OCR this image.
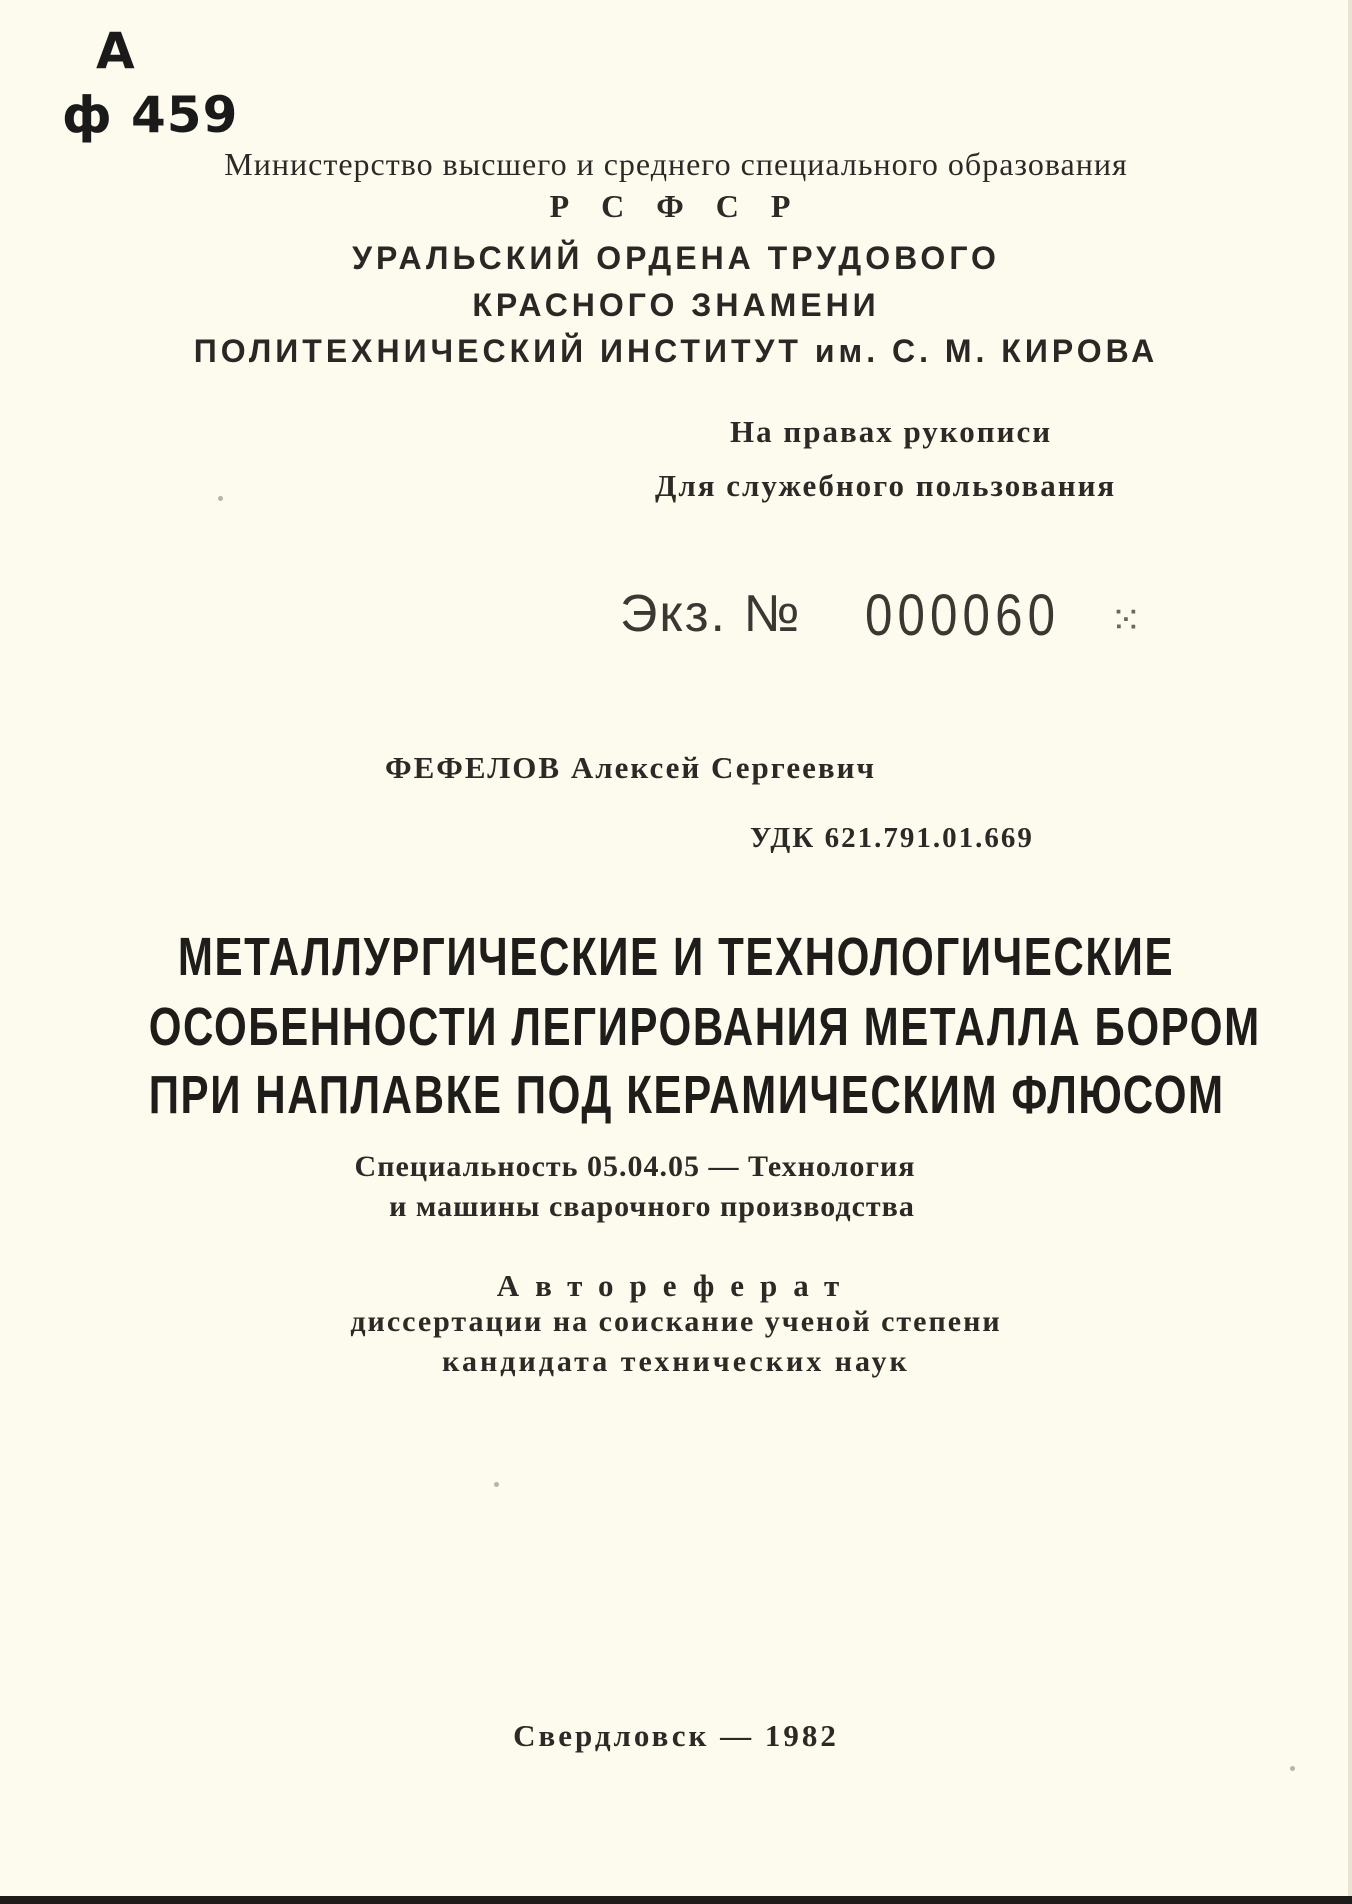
А
ф 459
Министерство высшего и среднего специального образования
Р С Ф С Р
УРАЛЬСКИЙ ОРДЕНА ТРУДОВОГО
КРАСНОГО ЗНАМЕНИ
ПОЛИТЕХНИЧЕСКИЙ ИНСТИТУТ им. С. М. КИРОВА
На правах рукописи
Для служебного пользования
Экз. № 000060 ⁙
ФЕФЕЛОВ Алексей Сергеевич
УДК 621.791.01.669
МЕТАЛЛУРГИЧЕСКИЕ И ТЕХНОЛОГИЧЕСКИЕ
ОСОБЕННОСТИ ЛЕГИРОВАНИЯ МЕТАЛЛА БОРОМ
ПРИ НАПЛАВКЕ ПОД КЕРАМИЧЕСКИМ ФЛЮСОМ
Специальность 05.04.05 — Технология
и машины сварочного производства
Автореферат
диссертации на соискание ученой степени
кандидата технических наук
Свердловск — 1982
